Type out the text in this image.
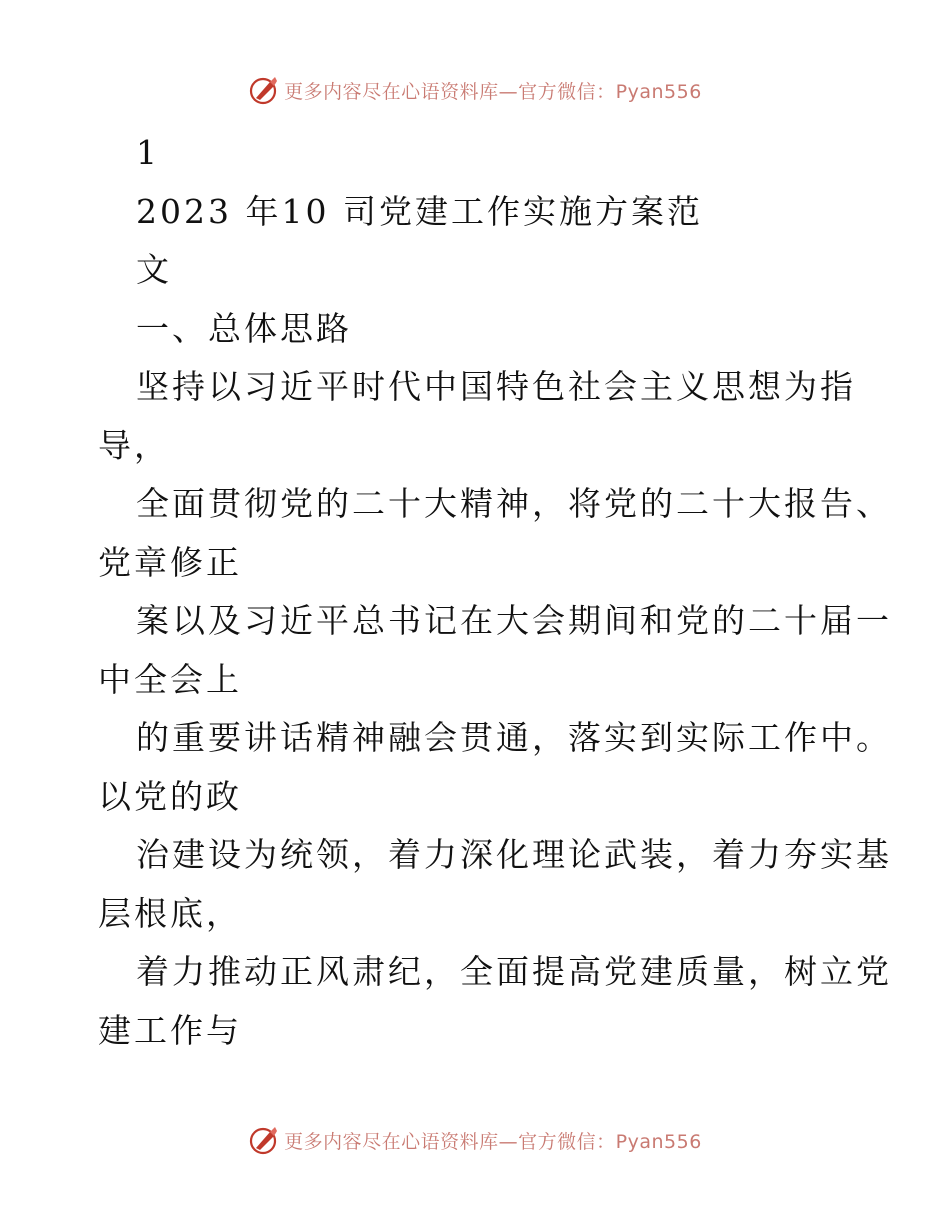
更多内容尽在心语资料库—官方微信：Pyan556
1
2023 年10 司党建工作实施方案范
文
一、总体思路
坚持以习近平时代中国特色社会主义思想为指
导，
全面贯彻党的二十大精神，将党的二十大报告、
党章修正
案以及习近平总书记在大会期间和党的二十届一
中全会上
的重要讲话精神融会贯通，落实到实际工作中。
以党的政
治建设为统领，着力深化理论武装，着力夯实基
层根底，
着力推动正风肃纪，全面提高党建质量，树立党
建工作与
更多内容尽在心语资料库—官方微信：Pyan556
